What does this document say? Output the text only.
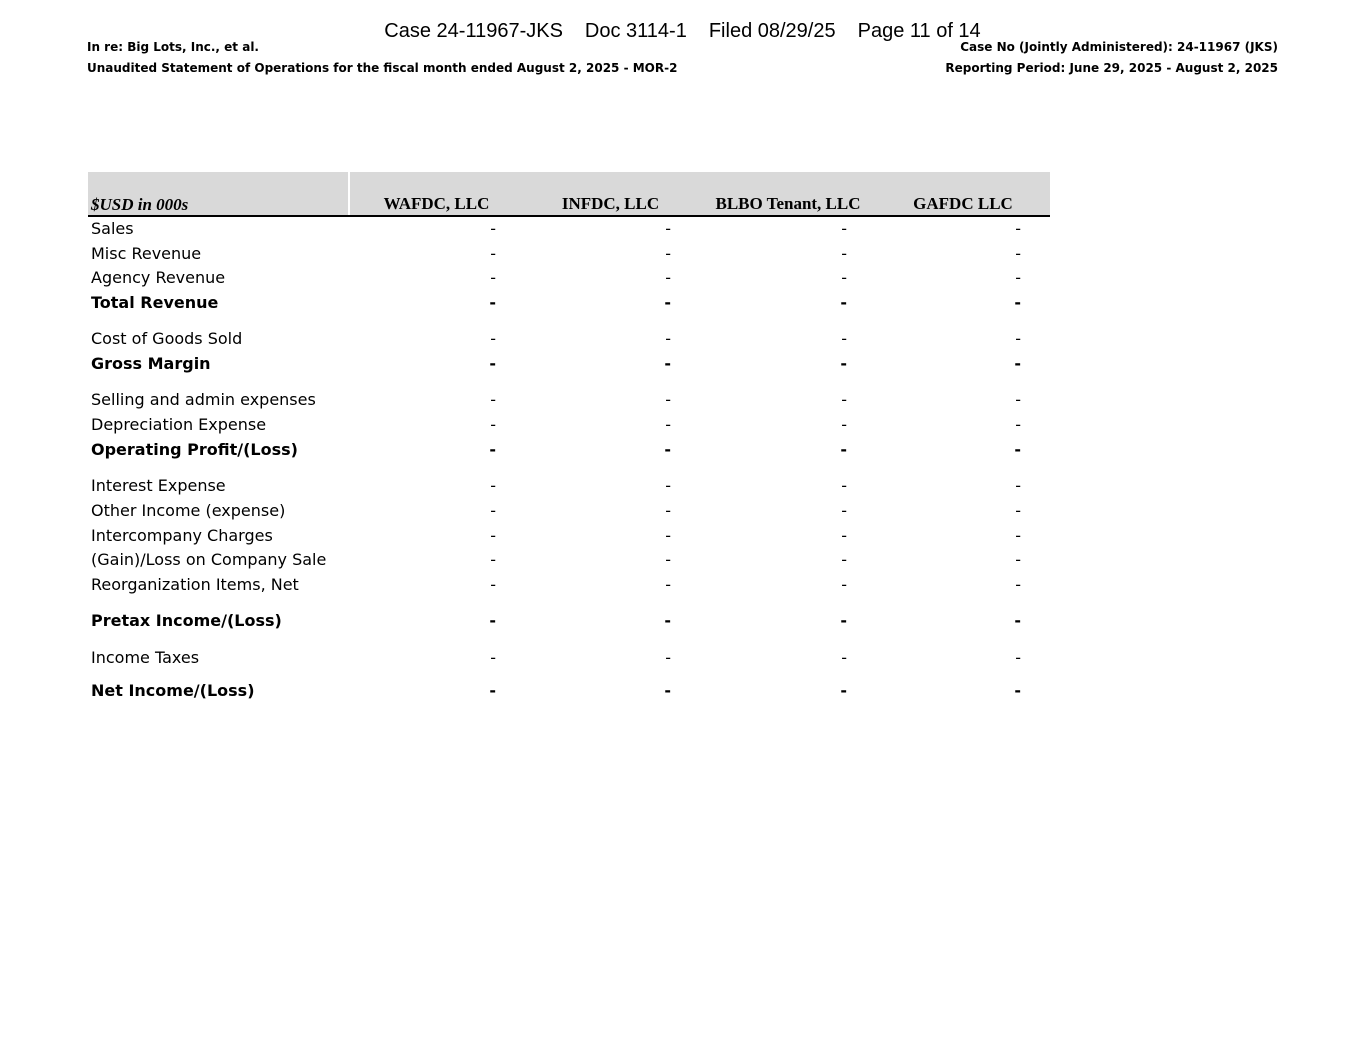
Case 24-11967-JKS Doc 3114-1 Filed 08/29/25 Page 11 of 14
In re: Big Lots, Inc., et al.	Case No (Jointly Administered): 24-11967 (JKS)
Unaudited Statement of Operations for the fiscal month ended August 2, 2025 - MOR-2	Reporting Period: June 29, 2025 - August 2, 2025
$USD in 000s	WAFDC, LLC	INFDC, LLC	BLBO Tenant, LLC	GAFDC LLC
Sales	-	-	-	-
Misc Revenue	-	-	-	-
Agency Revenue	-	-	-	-
Total Revenue	-	-	-	-
Cost of Goods Sold	-	-	-	-
Gross Margin	-	-	-	-
Selling and admin expenses	-	-	-	-
Depreciation Expense	-	-	-	-
Operating Profit/(Loss)	-	-	-	-
Interest Expense	-	-	-	-
Other Income (expense)	-	-	-	-
Intercompany Charges	-	-	-	-
(Gain)/Loss on Company Sale	-	-	-	-
Reorganization Items, Net	-	-	-	-
Pretax Income/(Loss)	-	-	-	-
Income Taxes	-	-	-	-
Net Income/(Loss)	-	-	-	-
